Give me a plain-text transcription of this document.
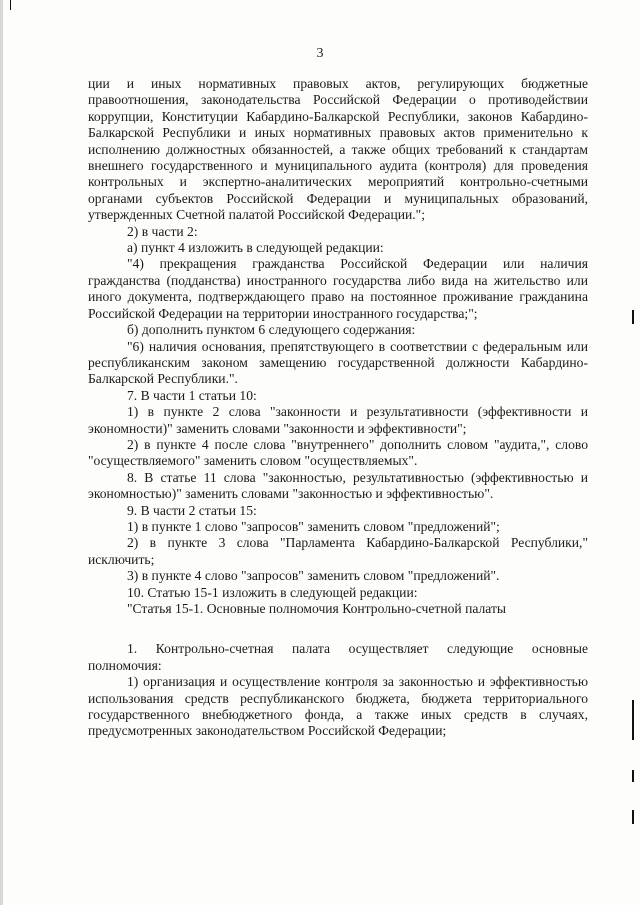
3

ции и иных нормативных правовых актов, регулирующих бюджетные правоотношения, законодательства Российской Федерации о противодействии коррупции, Конституции Кабардино-Балкарской Республики, законов Кабардино-Балкарской Республики и иных нормативных правовых актов применительно к исполнению должностных обязанностей, а также общих требований к стандартам внешнего государственного и муниципального аудита (контроля) для проведения контрольных и экспертно-аналитических мероприятий контрольно-счетными органами субъектов Российской Федерации и муниципальных образований, утвержденных Счетной палатой Российской Федерации.";

2) в части 2:

а) пункт 4 изложить в следующей редакции:

"4) прекращения гражданства Российской Федерации или наличия гражданства (подданства) иностранного государства либо вида на жительство или иного документа, подтверждающего право на постоянное проживание гражданина Российской Федерации на территории иностранного государства;";

б) дополнить пунктом 6 следующего содержания:

"6) наличия основания, препятствующего в соответствии с федеральным или республиканским законом замещению государственной должности Кабардино-Балкарской Республики.".

7. В части 1 статьи 10:

1) в пункте 2 слова "законности и результативности (эффективности и экономности)" заменить словами "законности и эффективности";

2) в пункте 4 после слова "внутреннего" дополнить словом "аудита,", слово "осуществляемого" заменить словом "осуществляемых".

8. В статье 11 слова "законностью, результативностью (эффективностью и экономностью)" заменить словами "законностью и эффективностью".

9. В части 2 статьи 15:

1) в пункте 1 слово "запросов" заменить словом "предложений";

2) в пункте 3 слова "Парламента Кабардино-Балкарской Республики," исключить;

3) в пункте 4 слово "запросов" заменить словом "предложений".

10. Статью 15-1 изложить в следующей редакции:

"Статья 15-1. Основные полномочия Контрольно-счетной палаты

1. Контрольно-счетная палата осуществляет следующие основные полномочия:

1) организация и осуществление контроля за законностью и эффективностью использования средств республиканского бюджета, бюджета территориального государственного внебюджетного фонда, а также иных средств в случаях, предусмотренных законодательством Российской Федерации;
